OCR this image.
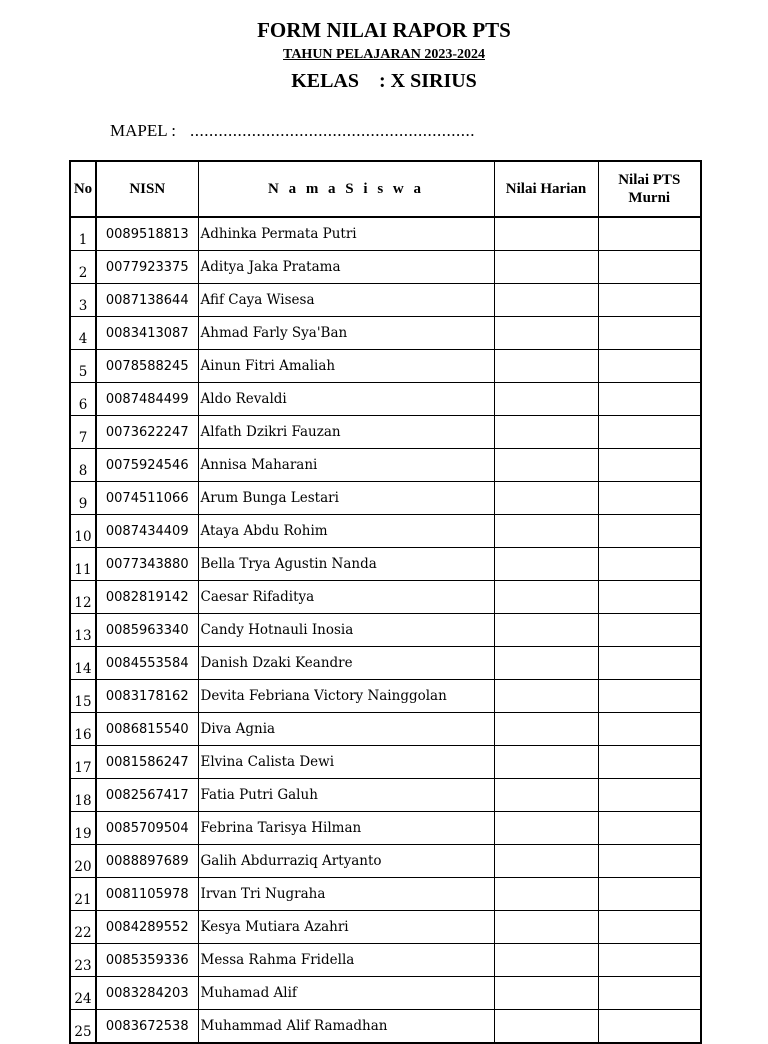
FORM NILAI RAPOR PTS
TAHUN PELAJARAN 2023-2024
KELAS    : X SIRIUS
MAPEL : ............................................................
No	NISN	N a m a S i s w a	Nilai Harian	Nilai PTS Murni
1	0089518813	Adhinka Permata Putri		
2	0077923375	Aditya Jaka Pratama		
3	0087138644	Afif Caya Wisesa		
4	0083413087	Ahmad Farly Sya'Ban		
5	0078588245	Ainun Fitri Amaliah		
6	0087484499	Aldo Revaldi		
7	0073622247	Alfath Dzikri Fauzan		
8	0075924546	Annisa Maharani		
9	0074511066	Arum Bunga Lestari		
10	0087434409	Ataya Abdu Rohim		
11	0077343880	Bella Trya Agustin Nanda		
12	0082819142	Caesar Rifaditya		
13	0085963340	Candy Hotnauli Inosia		
14	0084553584	Danish Dzaki Keandre		
15	0083178162	Devita Febriana Victory Nainggolan		
16	0086815540	Diva Agnia		
17	0081586247	Elvina Calista Dewi		
18	0082567417	Fatia Putri Galuh		
19	0085709504	Febrina Tarisya Hilman		
20	0088897689	Galih Abdurraziq Artyanto		
21	0081105978	Irvan Tri Nugraha		
22	0084289552	Kesya Mutiara Azahri		
23	0085359336	Messa Rahma Fridella		
24	0083284203	Muhamad Alif		
25	0083672538	Muhammad Alif Ramadhan		
